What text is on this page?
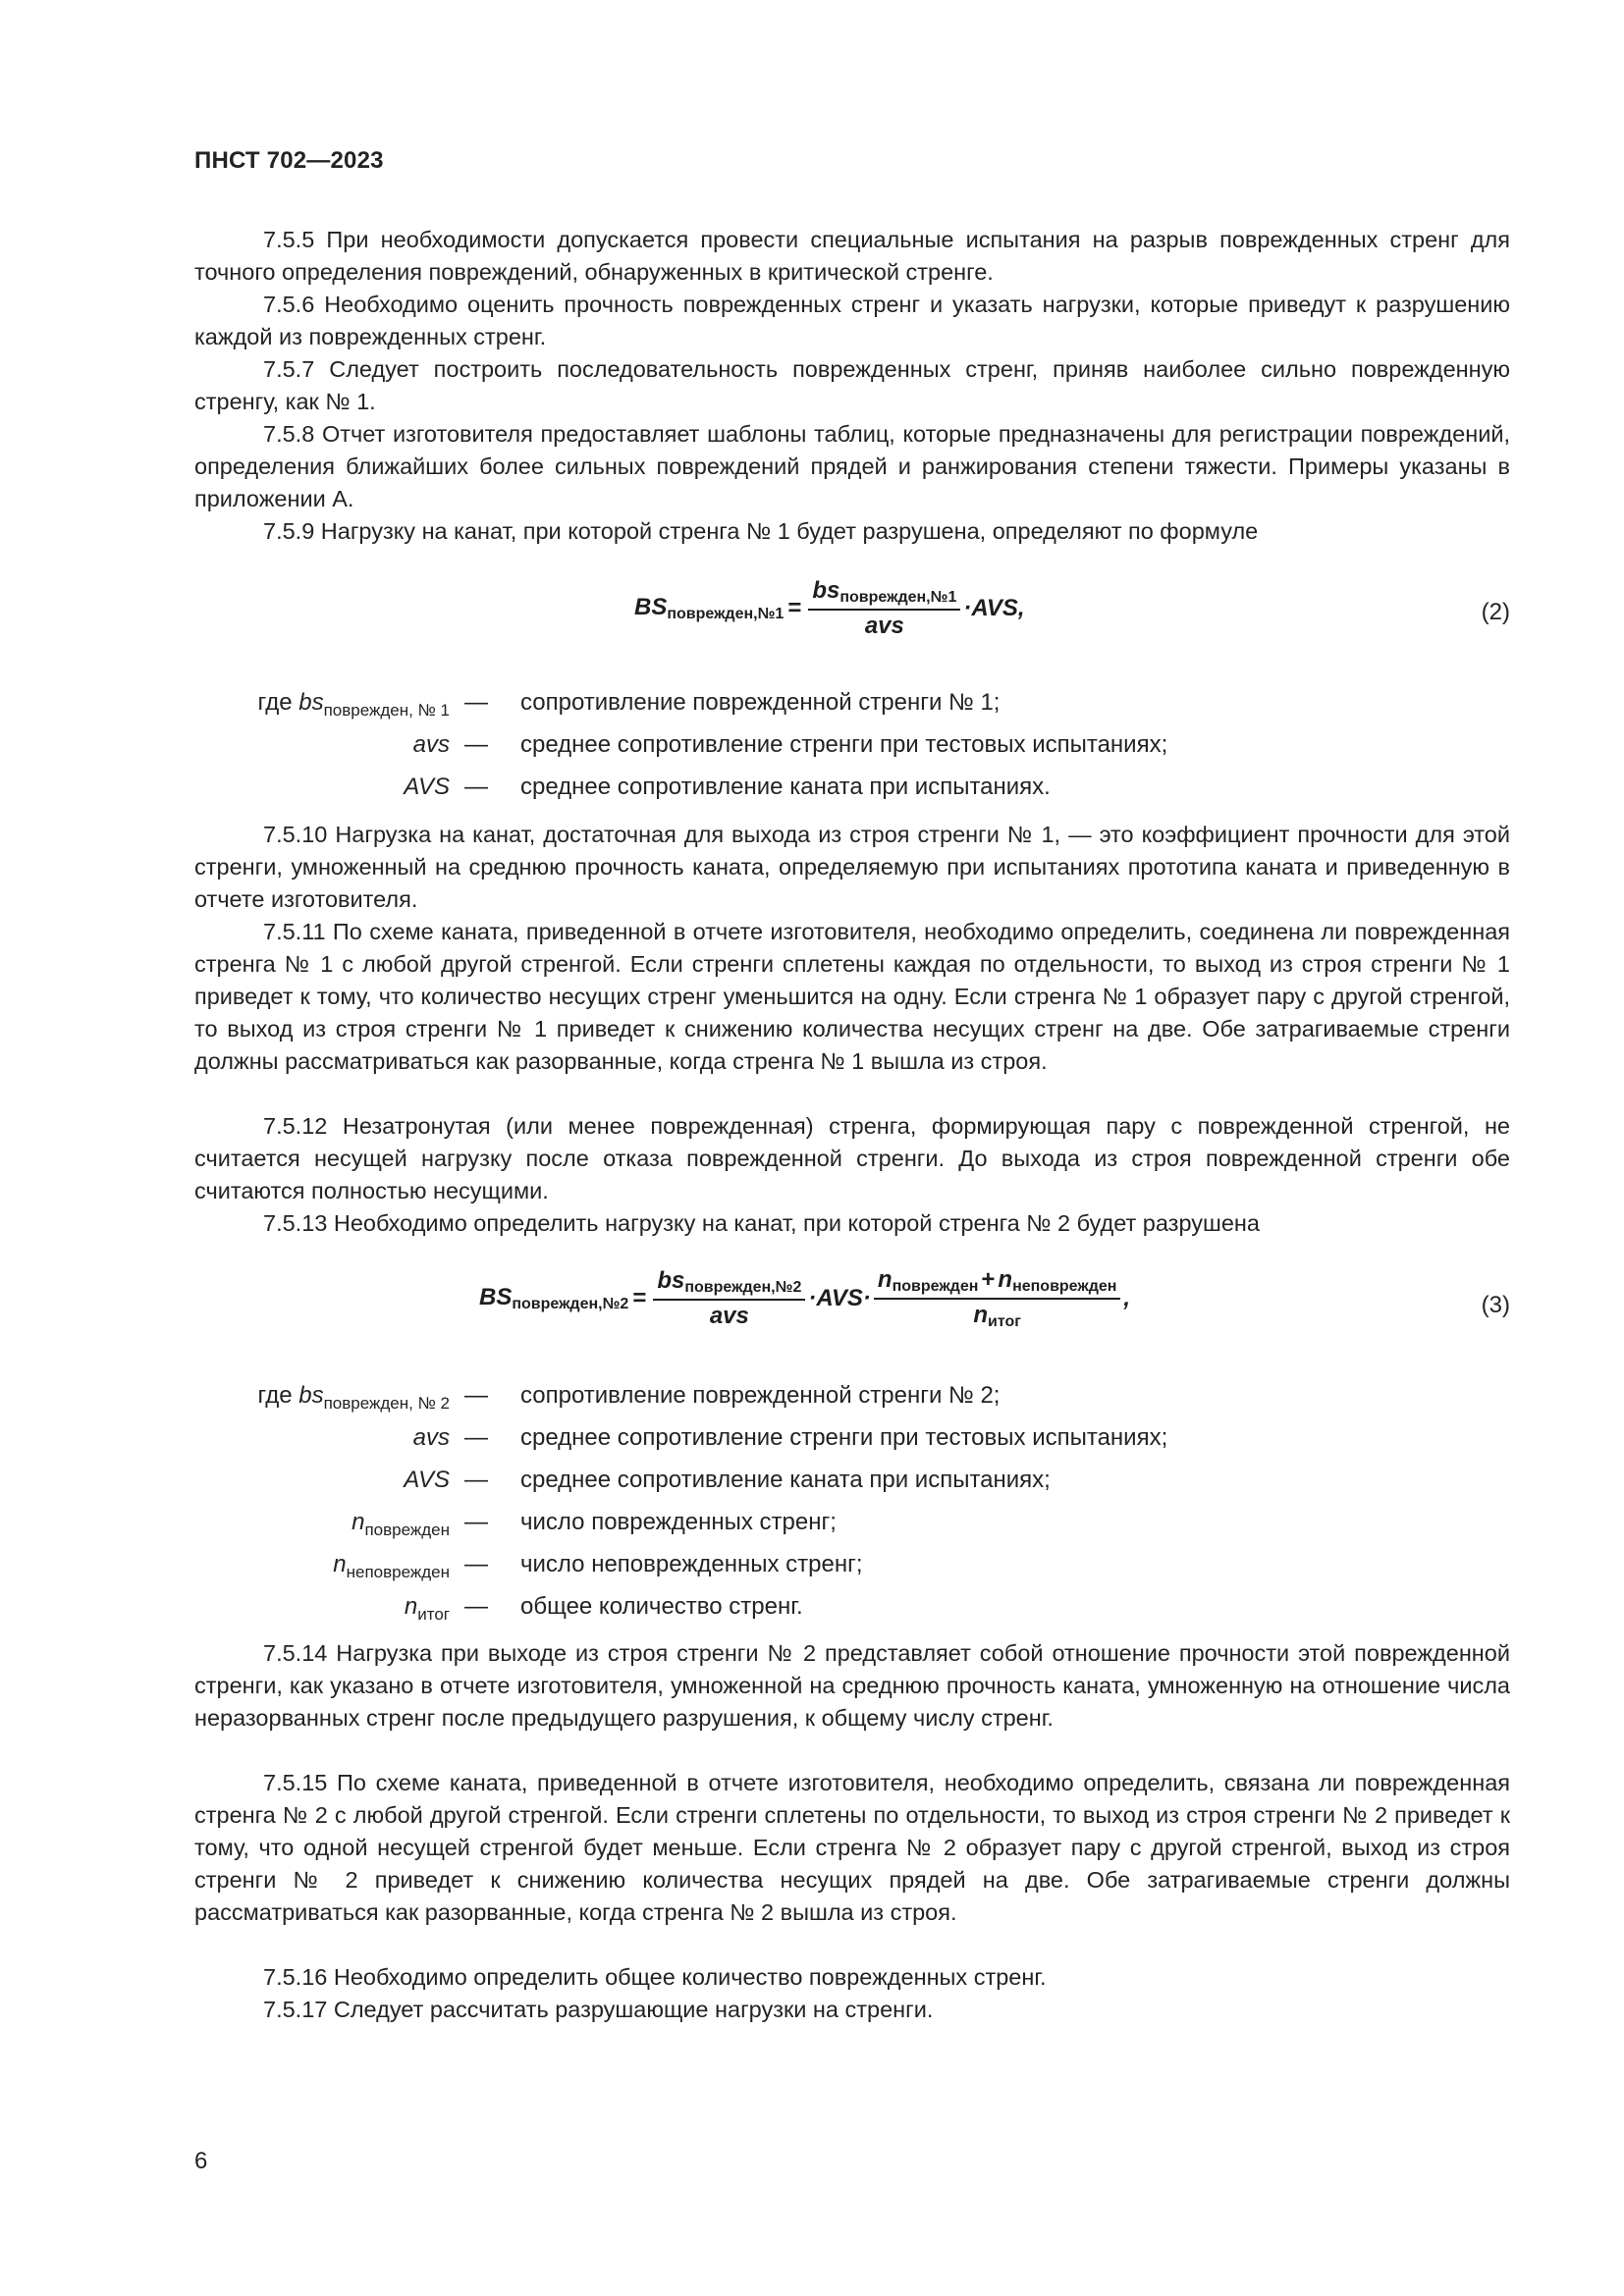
ПНСТ 702—2023

7.5.5 При необходимости допускается провести специальные испытания на разрыв поврежденных стренг для точного определения повреждений, обнаруженных в критической стренге.

7.5.6 Необходимо оценить прочность поврежденных стренг и указать нагрузки, которые приведут к разрушению каждой из поврежденных стренг.

7.5.7 Следует построить последовательность поврежденных стренг, приняв наиболее сильно поврежденную стренгу, как № 1.

7.5.8 Отчет изготовителя предоставляет шаблоны таблиц, которые предназначены для регистрации повреждений, определения ближайших более сильных повреждений прядей и ранжирования степени тяжести. Примеры указаны в приложении А.

7.5.9 Нагрузку на канат, при которой стренга № 1 будет разрушена, определяют по формуле

$BS_{поврежден,№1} = \frac{bs_{поврежден,№1}}{\text{avs}} \cdot AVS$,	(2)
где $bs_{поврежден, № 1}$ — сопротивление поврежденной стренги № 1;
avs — среднее сопротивление стренги при тестовых испытаниях;
AVS — среднее сопротивление каната при испытаниях.

7.5.10 Нагрузка на канат, достаточная для выхода из строя стренги № 1, — это коэффициент прочности для этой стренги, умноженный на среднюю прочность каната, определяемую при испытаниях прототипа каната и приведенную в отчете изготовителя.

7.5.11 По схеме каната, приведенной в отчете изготовителя, необходимо определить, соединена ли поврежденная стренга № 1 с любой другой стренгой. Если стренги сплетены каждая по отдельности, то выход из строя стренги № 1 приведет к тому, что количество несущих стренг уменьшится на одну. Если стренга № 1 образует пару с другой стренгой, то выход из строя стренги № 1 приведет к снижению количества несущих стренг на две. Обе затрагиваемые стренги должны рассматриваться как разорванные, когда стренга № 1 вышла из строя.

7.5.12 Незатронутая (или менее поврежденная) стренга, формирующая пару с поврежденной стренгой, не считается несущей нагрузку после отказа поврежденной стренги. До выхода из строя поврежденной стренги обе считаются полностью несущими.

7.5.13 Необходимо определить нагрузку на канат, при которой стренга № 2 будет разрушена

$BS_{поврежден,№2} = \frac{bs_{поврежден,№2}}{\text{avs}} \cdot AVS\cdot \frac{n_{поврежден} + n_{неповрежден}}{n_{итог}}$ ,	(3)
где $bs_{поврежден, № 2}$ — сопротивление поврежденной стренги № 2;
avs — среднее сопротивление стренги при тестовых испытаниях;
AVS — среднее сопротивление каната при испытаниях;
$n_{поврежден}$ — число поврежденных стренг;
$n_{неповрежден}$ — число неповрежденных стренг;
$n_{итог}$ — общее количество стренг.

7.5.14 Нагрузка при выходе из строя стренги № 2 представляет собой отношение прочности этой поврежденной стренги, как указано в отчете изготовителя, умноженной на среднюю прочность каната, умноженную на отношение числа неразорванных стренг после предыдущего разрушения, к общему числу стренг.

7.5.15 По схеме каната, приведенной в отчете изготовителя, необходимо определить, связана ли поврежденная стренга № 2 с любой другой стренгой. Если стренги сплетены по отдельности, то выход из строя стренги № 2 приведет к тому, что одной несущей стренгой будет меньше. Если стренга № 2 образует пару с другой стренгой, выход из строя стренги № 2 приведет к снижению количества несущих прядей на две. Обе затрагиваемые стренги должны рассматриваться как разорванные, когда стренга № 2 вышла из строя.

7.5.16 Необходимо определить общее количество поврежденных стренг.

7.5.17 Следует рассчитать разрушающие нагрузки на стренги.

6
